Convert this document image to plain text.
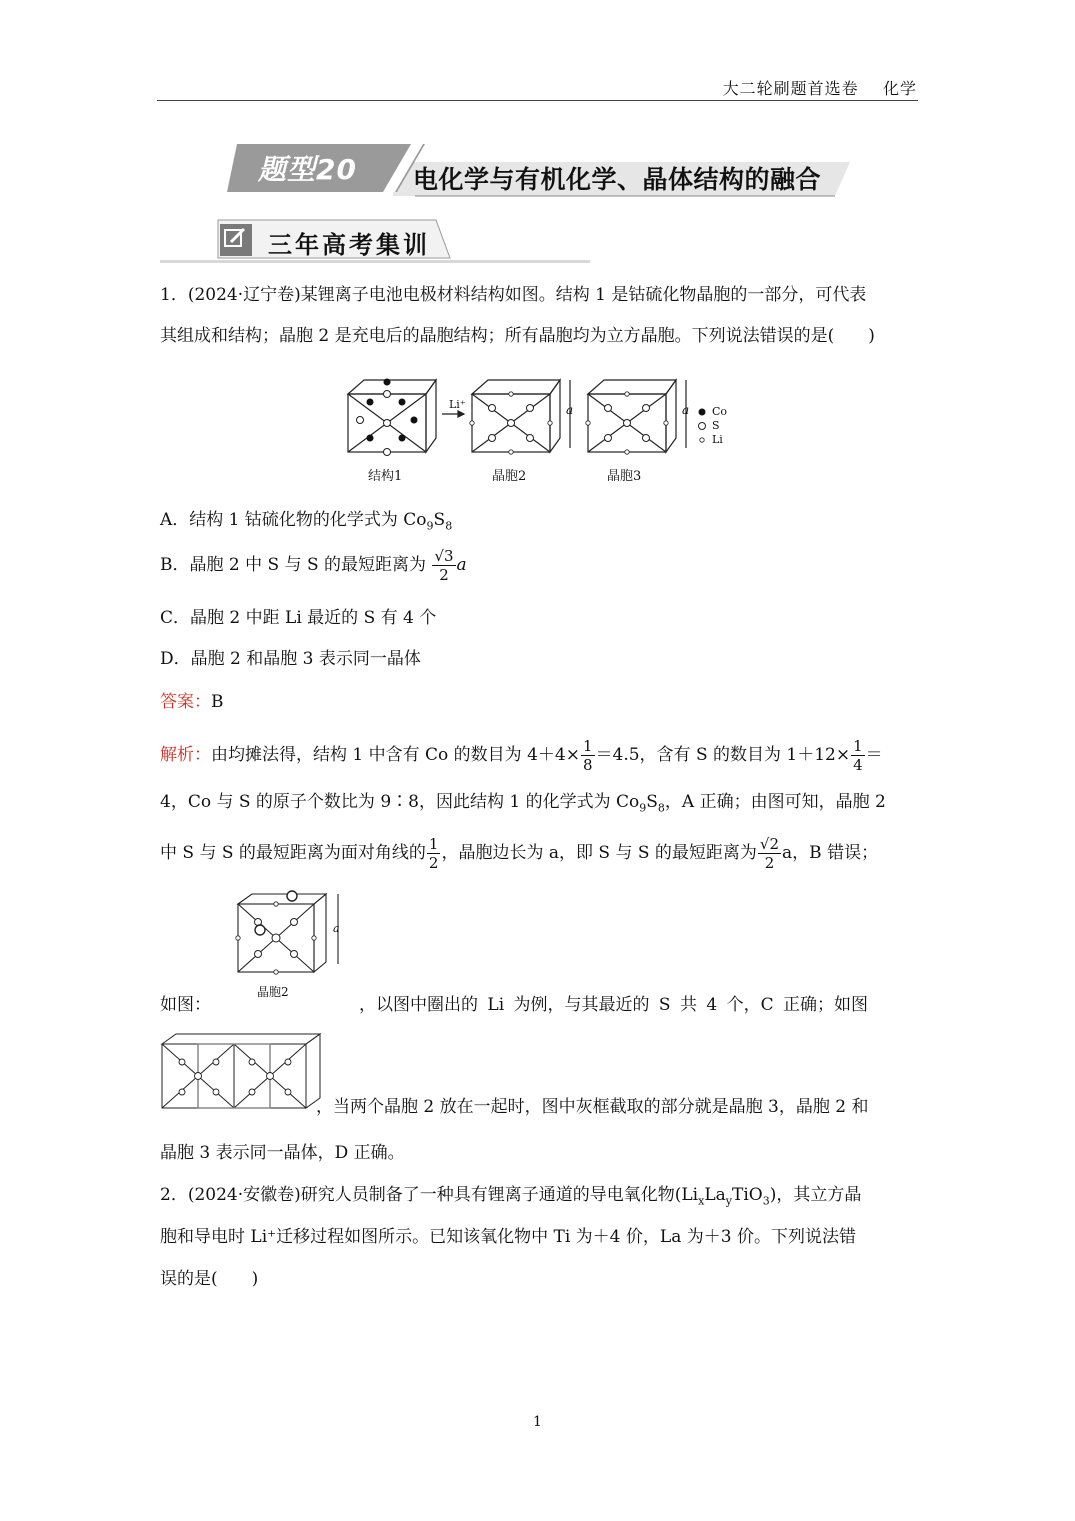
大二轮刷题首选卷 化学
题型20 电化学与有机化学、晶体结构的融合
三年高考集训
1．(2024·辽宁卷)某锂离子电池电极材料结构如图。结构 1 是钴硫化物晶胞的一部分，可代表
其组成和结构；晶胞 2 是充电后的晶胞结构；所有晶胞均为立方晶胞。下列说法错误的是(　　)
Li⁺	a	a Co
S
Li
结构1	晶胞2	晶胞3
A．结构 1 钴硫化物的化学式为 $Co_9S_8$
B．晶胞 2 中 S 与 S 的最短距离为 $\frac{√3}{2}$ a
C．晶胞 2 中距 Li 最近的 S 有 4 个
D．晶胞 2 和晶胞 3 表示同一晶体
答案：B
解析：由均摊法得，结构 1 中含有 Co 的数目为 $4+4\times \frac{1}{8} =4.5$，含有 S 的数目为 $1+12\times \frac{1}{4}$ ＝
4，Co 与 S 的原子个数比为 9∶8，因此结构 1 的化学式为 $Co_9S_8$，A 正确；由图可知，晶胞 2
中 S 与 S 的最短距离为面对角线的 $\frac{1}{2}$ ，晶胞边长为 a，即 S 与 S 的最短距离为 $\frac{√2}{2}$ a，B 错误；
a
晶胞2
如图：	，以图中圈出的 Li 为例，与其最近的 S 共 4 个，C 正确；如图
，当两个晶胞 2 放在一起时，图中灰框截取的部分就是晶胞 3，晶胞 2 和
晶胞 3 表示同一晶体，D 正确。
2．(2024·安徽卷)研究人员制备了一种具有锂离子通道的导电氧化物$(Li_xLa_yTiO_3)$，其立方晶
胞和导电时 Li⁺迁移过程如图所示。已知该氧化物中 Ti 为＋4 价，La 为＋3 价。下列说法错
误的是(　　)
1
